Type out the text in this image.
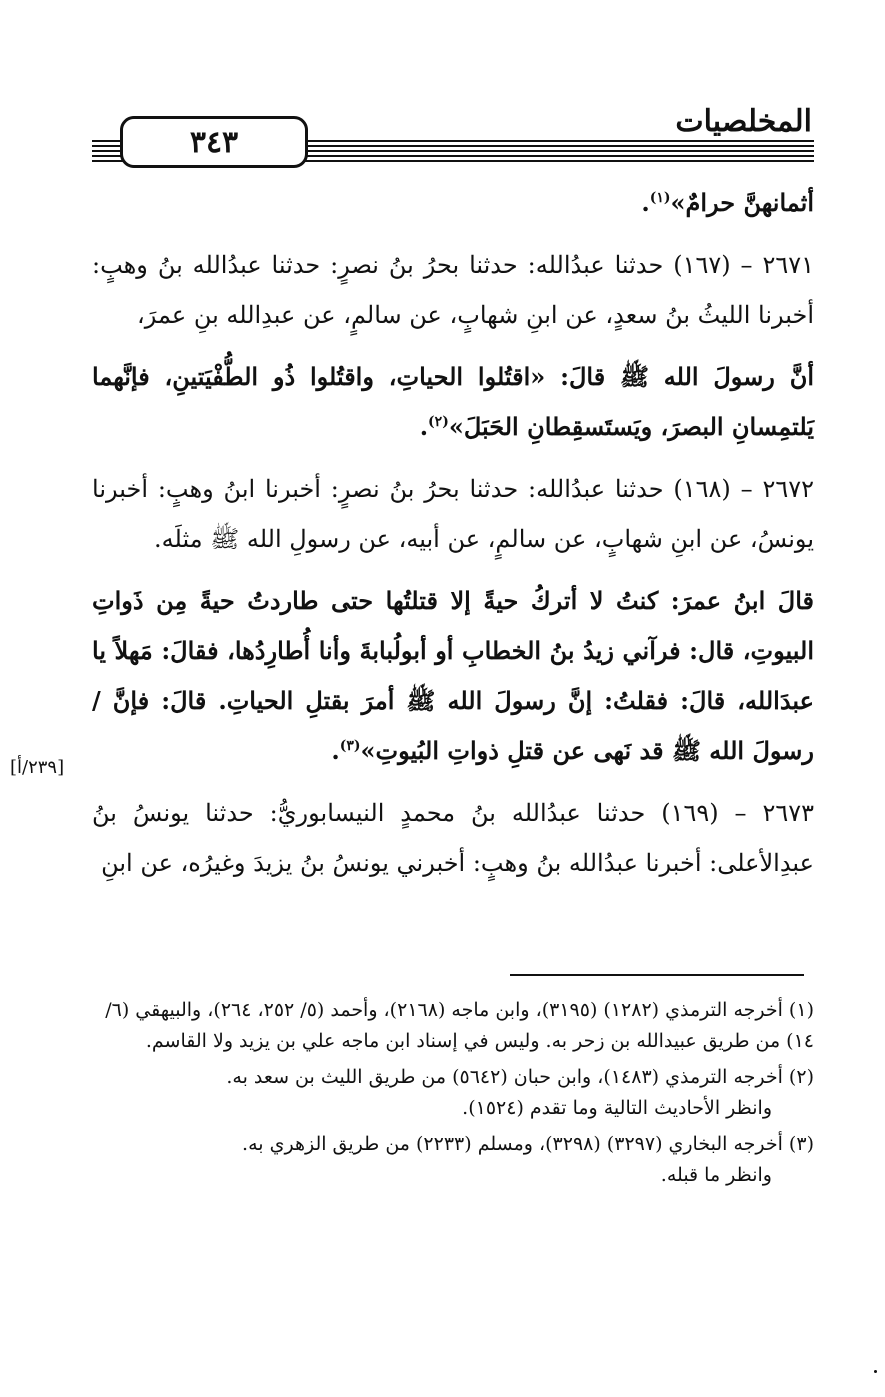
٣٤٣
المخلصيات

أثمانهنَّ حرامٌ»$^{(١)}$.

٢٦٧١ – (١٦٧) حدثنا عبدُالله: حدثنا بحرُ بنُ نصرٍ: حدثنا عبدُالله بنُ وهبٍ: أخبرنا الليثُ بنُ سعدٍ، عن ابنِ شهابٍ، عن سالمٍ، عن عبدِالله بنِ عمرَ،

أنَّ رسولَ الله ﷺ قالَ: «اقتُلوا الحياتِ، واقتُلوا ذُو الطُّفْيَتينِ، فإنَّهما يَلتمِسانِ البصرَ، ويَستَسقِطانِ الحَبَلَ»$^{(٢)}$.

٢٦٧٢ – (١٦٨) حدثنا عبدُالله: حدثنا بحرُ بنُ نصرٍ: أخبرنا ابنُ وهبٍ: أخبرنا يونسُ، عن ابنِ شهابٍ، عن سالمٍ، عن أبيه، عن رسولِ الله ﷺ مثلَه.

قالَ ابنُ عمرَ: كنتُ لا أتركُ حيةً إلا قتلتُها حتى طاردتُ حيةً مِن ذَواتِ البيوتِ، قال: فرآني زيدُ بنُ الخطابِ أو أبولُبابةَ وأنا أُطارِدُها، فقالَ: مَهلاً يا عبدَالله، قالَ: فقلتُ: إنَّ رسولَ الله ﷺ أمرَ بقتلِ الحياتِ. قالَ: فإنَّ / رسولَ الله ﷺ قد نَهى عن قتلِ ذواتِ البُيوتِ»$^{(٣)}$.

٢٦٧٣ – (١٦٩) حدثنا عبدُالله بنُ محمدٍ النيسابوريُّ: حدثنا يونسُ بنُ عبدِالأعلى: أخبرنا عبدُالله بنُ وهبٍ: أخبرني يونسُ بنُ يزيدَ وغيرُه، عن ابنِ

[٢٣٩/أ]
(١) أخرجه الترمذي (١٢٨٢) (٣١٩٥)، وابن ماجه (٢١٦٨)، وأحمد (٥/ ٢٥٢، ٢٦٤)، والبيهقي (٦/ ١٤) من طريق عبيدالله بن زحر به. وليس في إسناد ابن ماجه علي بن يزيد ولا القاسم.
(٢) أخرجه الترمذي (١٤٨٣)، وابن حبان (٥٦٤٢) من طريق الليث بن سعد به.
وانظر الأحاديث التالية وما تقدم (١٥٢٤).
(٣) أخرجه البخاري (٣٢٩٧) (٣٢٩٨)، ومسلم (٢٢٣٣) من طريق الزهري به.
وانظر ما قبله.
